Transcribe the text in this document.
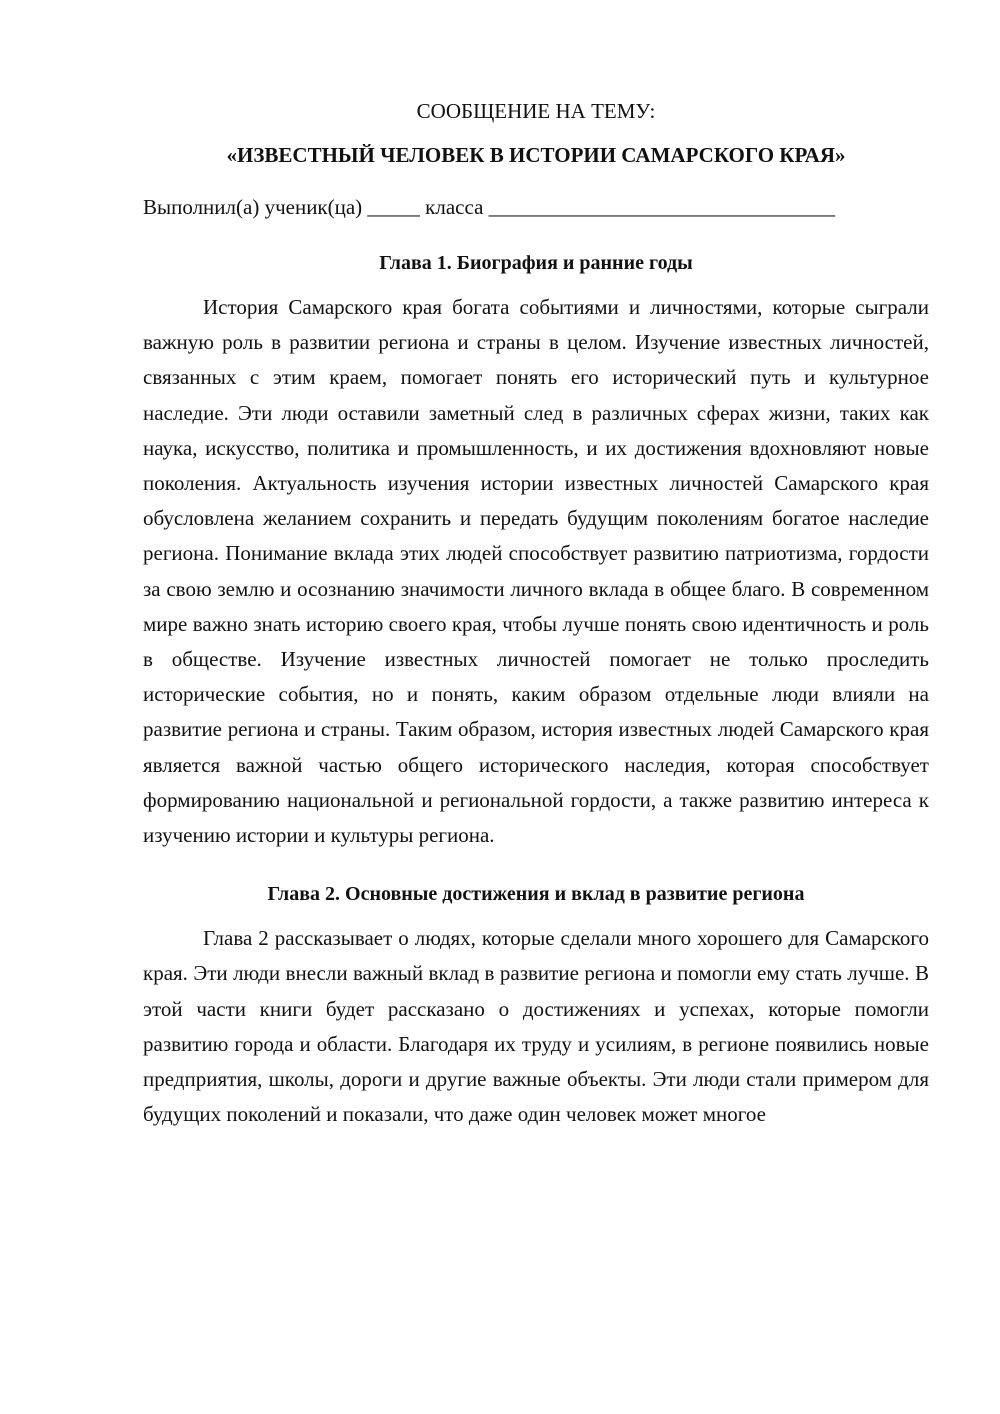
СООБЩЕНИЕ НА ТЕМУ:

«ИЗВЕСТНЫЙ ЧЕЛОВЕК В ИСТОРИИ САМАРСКОГО КРАЯ»

Выполнил(а) ученик(ца) _____ класса _________________________________
Глава 1. Биография и ранние годы

История Самарского края богата событиями и личностями, которые сыграли важную роль в развитии региона и страны в целом. Изучение известных личностей, связанных с этим краем, помогает понять его исторический путь и культурное наследие. Эти люди оставили заметный след в различных сферах жизни, таких как наука, искусство, политика и промышленность, и их достижения вдохновляют новые поколения. Актуальность изучения истории известных личностей Самарского края обусловлена желанием сохранить и передать будущим поколениям богатое наследие региона. Понимание вклада этих людей способствует развитию патриотизма, гордости за свою землю и осознанию значимости личного вклада в общее благо. В современном мире важно знать историю своего края, чтобы лучше понять свою идентичность и роль в обществе. Изучение известных личностей помогает не только проследить исторические события, но и понять, каким образом отдельные люди влияли на развитие региона и страны. Таким образом, история известных людей Самарского края является важной частью общего исторического наследия, которая способствует формированию национальной и региональной гордости, а также развитию интереса к изучению истории и культуры региона.

Глава 2. Основные достижения и вклад в развитие региона

Глава 2 рассказывает о людях, которые сделали много хорошего для Самарского края. Эти люди внесли важный вклад в развитие региона и помогли ему стать лучше. В этой части книги будет рассказано о достижениях и успехах, которые помогли развитию города и области. Благодаря их труду и усилиям, в регионе появились новые предприятия, школы, дороги и другие важные объекты. Эти люди стали примером для будущих поколений и показали, что даже один человек может многое
